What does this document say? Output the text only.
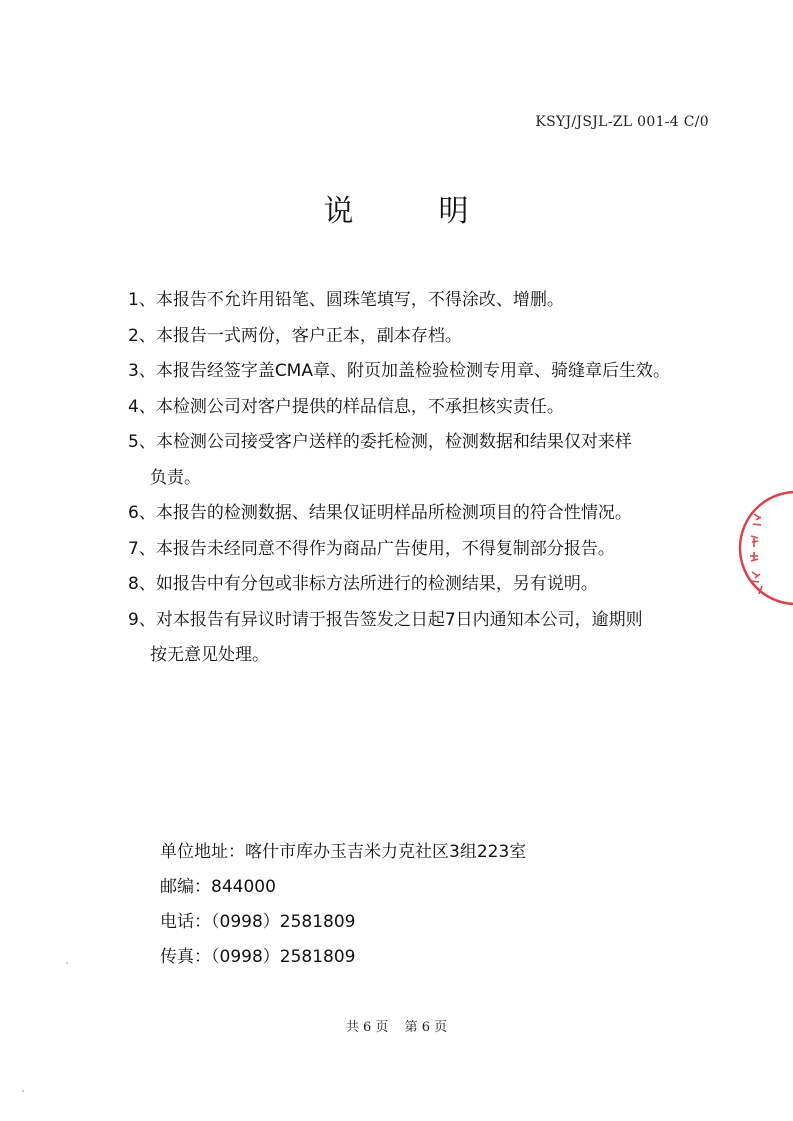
KSYJ/JSJL-ZL 001-4 C/0
说	明
1、本报告不允许用铅笔、圆珠笔填写，不得涂改、增删。
2、本报告一式两份，客户正本，副本存档。
3、本报告经签字盖CMA章、附页加盖检验检测专用章、骑缝章后生效。
4、本检测公司对客户提供的样品信息，不承担核实责任。
5、本检测公司接受客户送样的委托检测，检测数据和结果仅对来样
负责。
6、本报告的检测数据、结果仅证明样品所检测项目的符合性情况。
7、本报告未经同意不得作为商品广告使用，不得复制部分报告。
8、如报告中有分包或非标方法所进行的检测结果，另有说明。
9、对本报告有异议时请于报告签发之日起7日内通知本公司，逾期则
按无意见处理。
单位地址：喀什市库办玉吉米力克社区3组223室
邮编：844000
电话：（0998）2581809
传真：（0998）2581809
共 6 页 第 6 页
